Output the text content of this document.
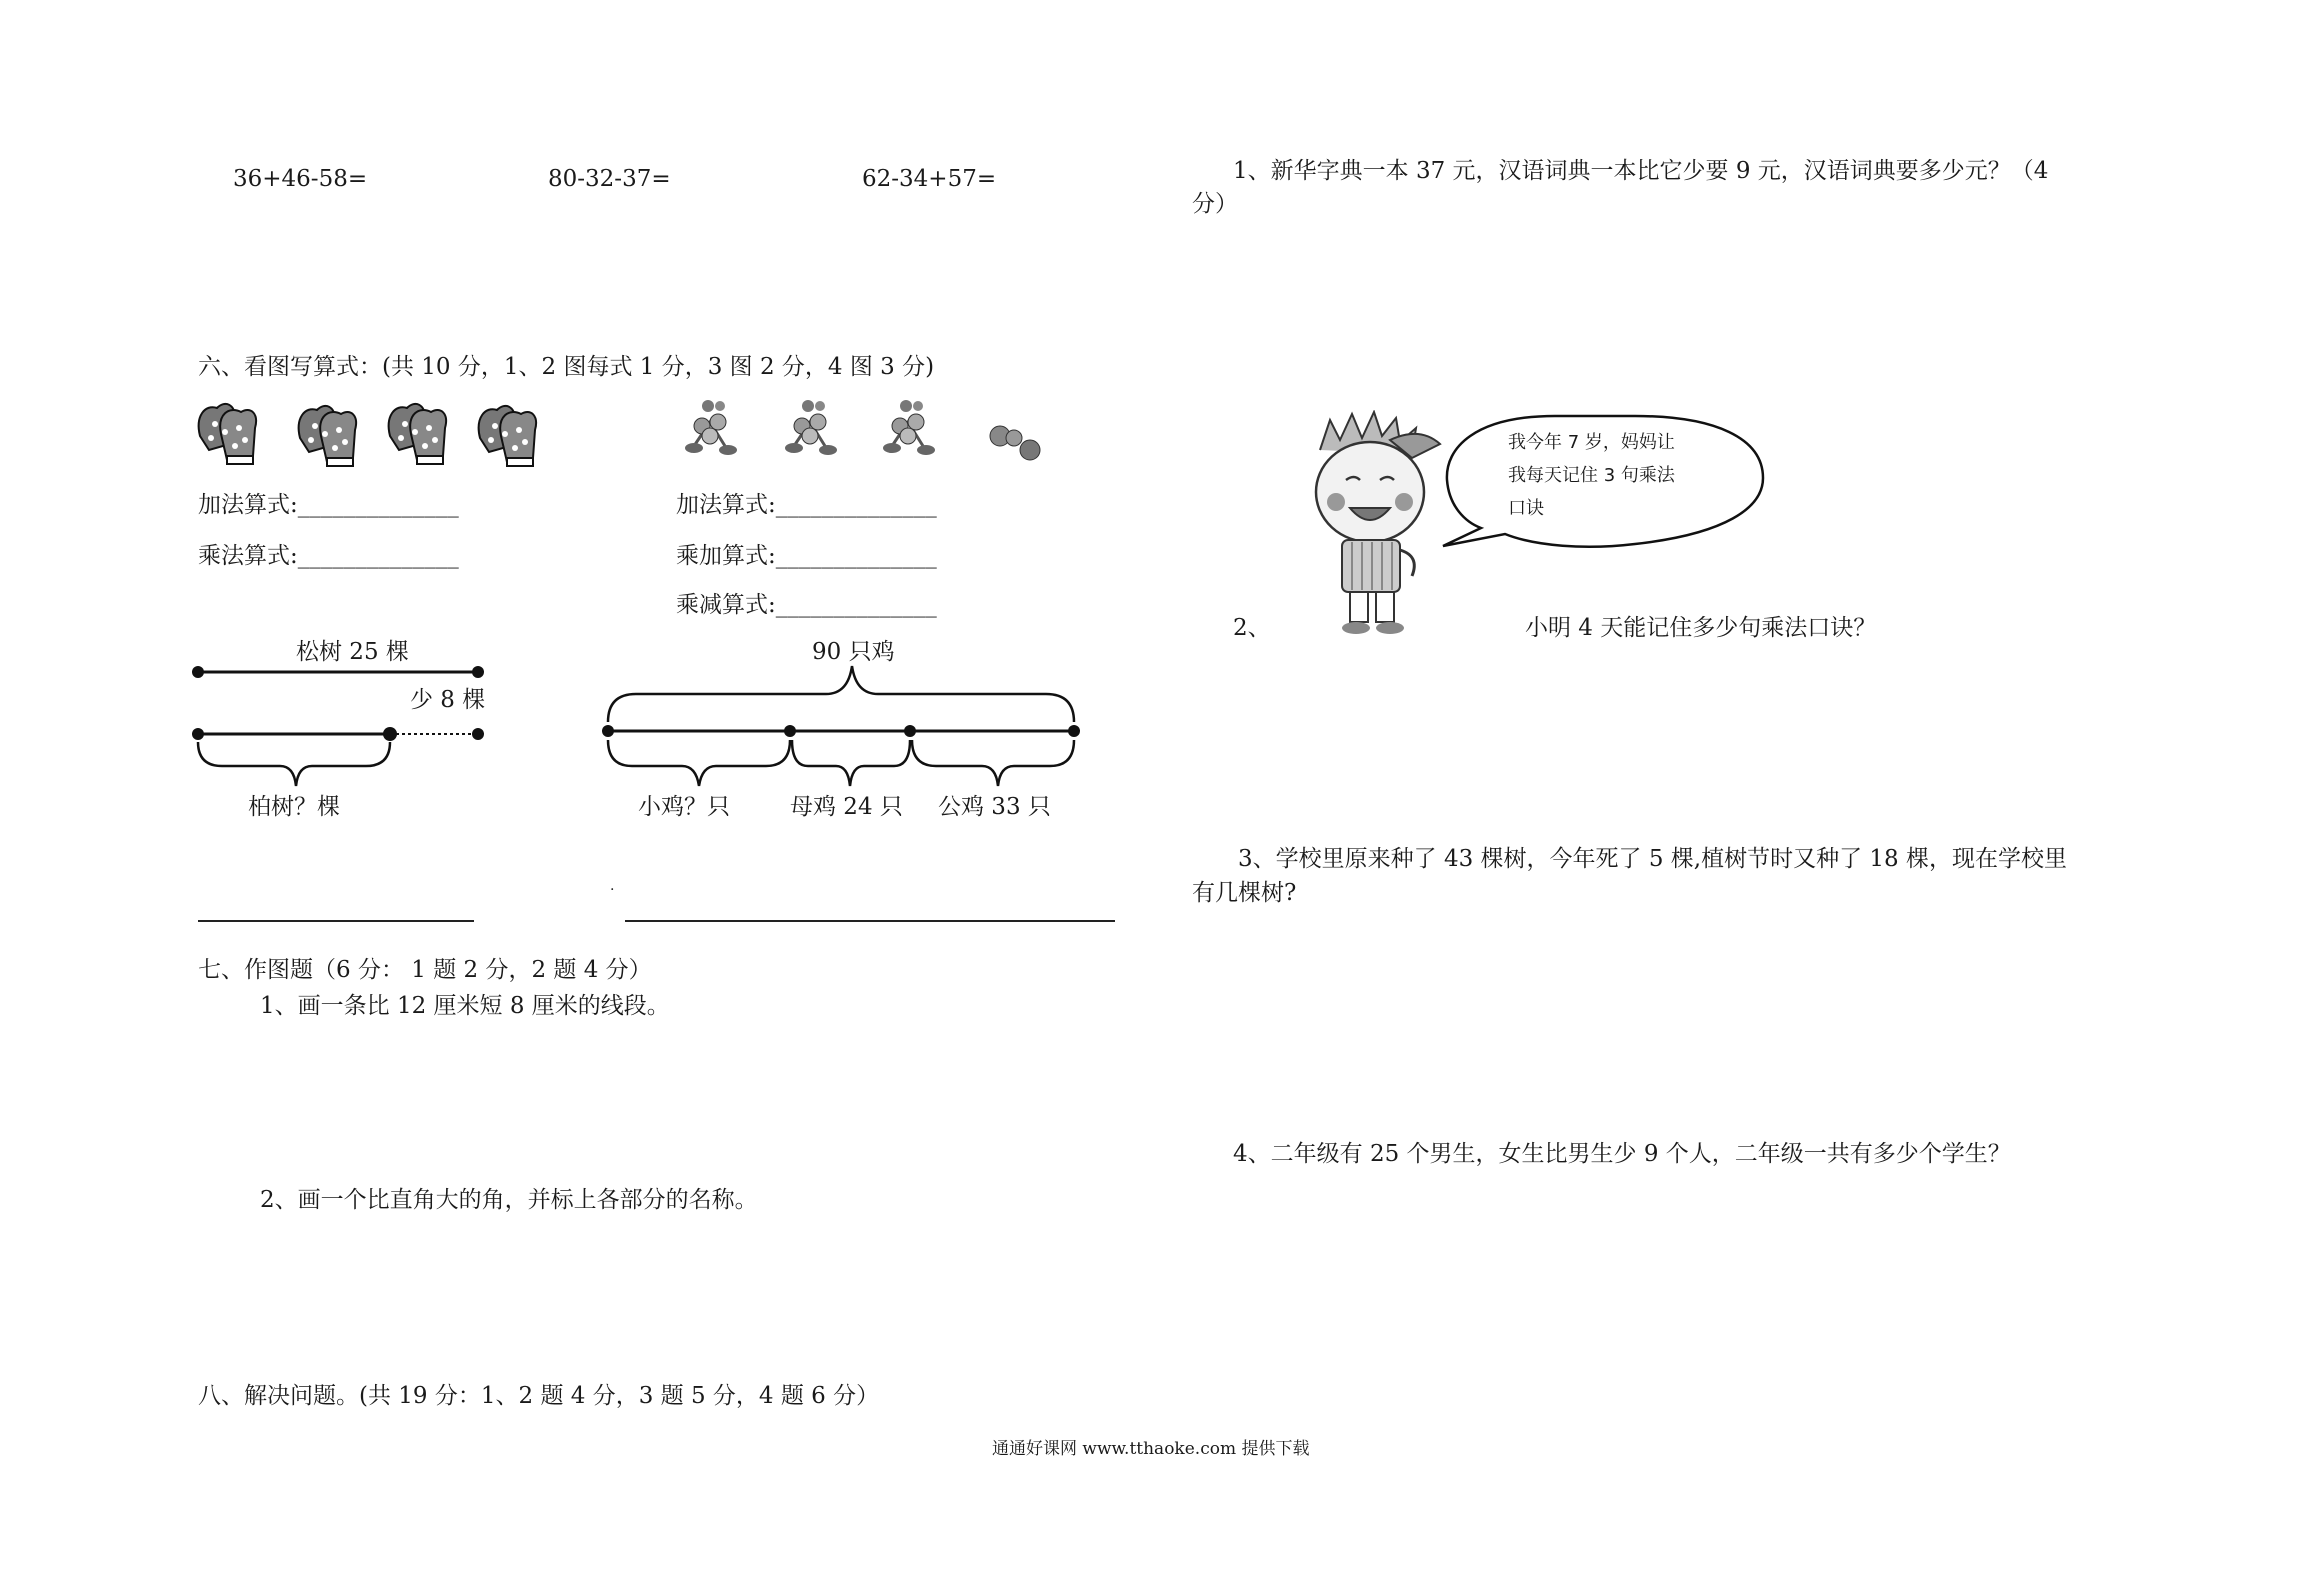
36+46-58=	80-32-37=	62-34+57=
六、看图写算式：(共 10 分，1、2 图每式 1 分，3 图 2 分，4 图 3 分)
加法算式:______________
乘法算式:______________
加法算式:______________
乘加算式:______________
乘减算式:______________
松树 25 棵
少 8 棵
柏树？棵
90 只鸡
小鸡？只	母鸡 24 只 公鸡 33 只
.
七、作图题（6 分： 1 题 2 分，2 题 4 分）
1、画一条比 12 厘米短 8 厘米的线段。
2、画一个比直角大的角，并标上各部分的名称。
八、解决问题。(共 19 分：1、2 题 4 分，3 题 5 分，4 题 6 分）
1、新华字典一本 37 元，汉语词典一本比它少要 9 元，汉语词典要多少元？（4
分）
我今年 7 岁，妈妈让
我每天记住 3 句乘法
口诀
2、	小明 4 天能记住多少句乘法口诀？
3、学校里原来种了 43 棵树，今年死了 5 棵,植树节时又种了 18 棵，现在学校里
有几棵树?
4、二年级有 25 个男生，女生比男生少 9 个人，二年级一共有多少个学生？
通通好课网 www.tthaoke.com 提供下载
